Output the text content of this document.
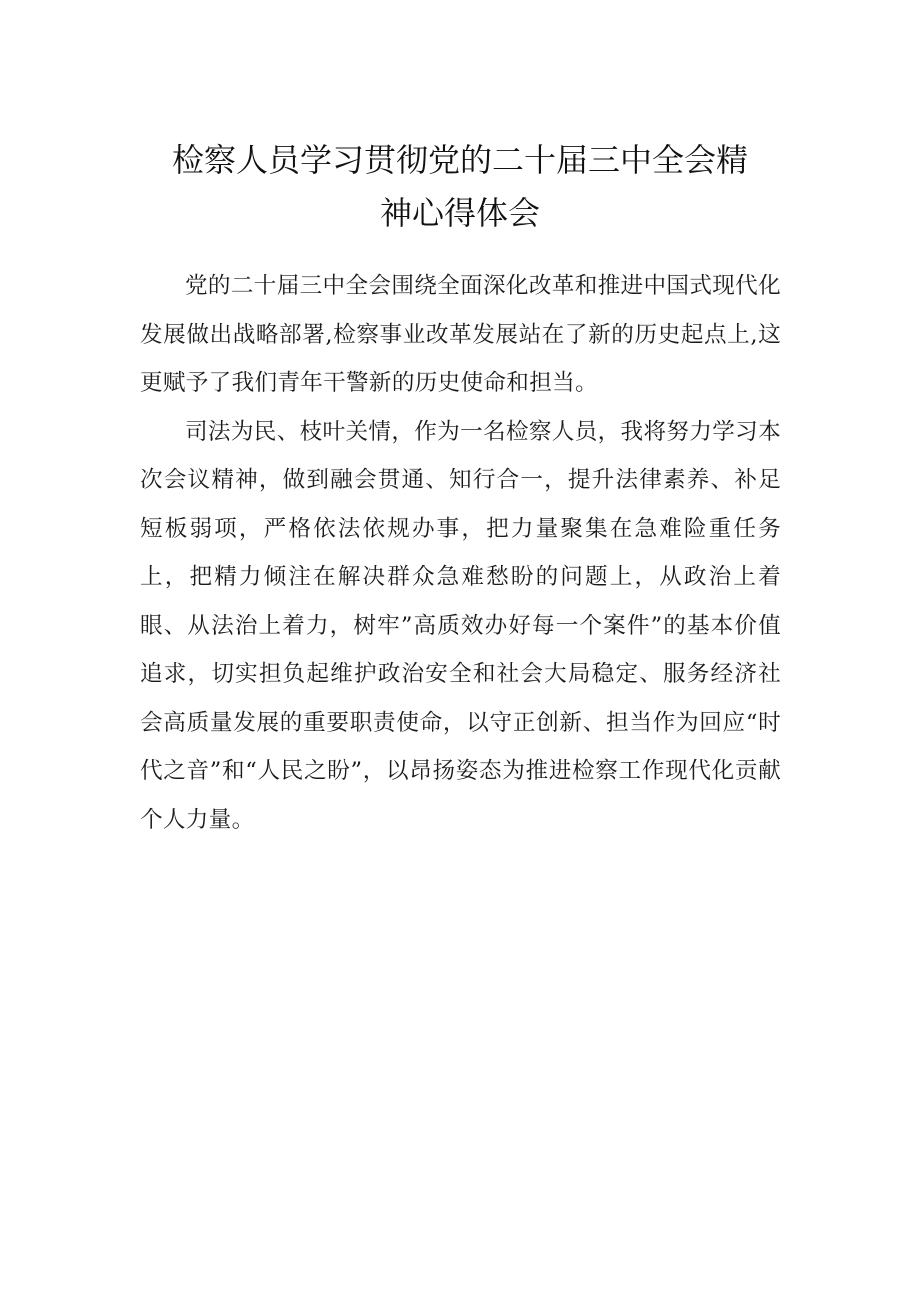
检察人员学习贯彻党的二十届三中全会精
神心得体会

党的二十届三中全会围绕全面深化改革和推进中国式现代化发展做出战略部署,检察事业改革发展站在了新的历史起点上,这更赋予了我们青年干警新的历史使命和担当。

司法为民、枝叶关情，作为一名检察人员，我将努力学习本次会议精神，做到融会贯通、知行合一，提升法律素养、补足短板弱项，严格依法依规办事，把力量聚集在急难险重任务上，把精力倾注在解决群众急难愁盼的问题上，从政治上着眼、从法治上着力，树牢”高质效办好每一个案件”的基本价值追求，切实担负起维护政治安全和社会大局稳定、服务经济社会高质量发展的重要职责使命，以守正创新、担当作为回应“时代之音”和“人民之盼”，以昂扬姿态为推进检察工作现代化贡献个人力量。
